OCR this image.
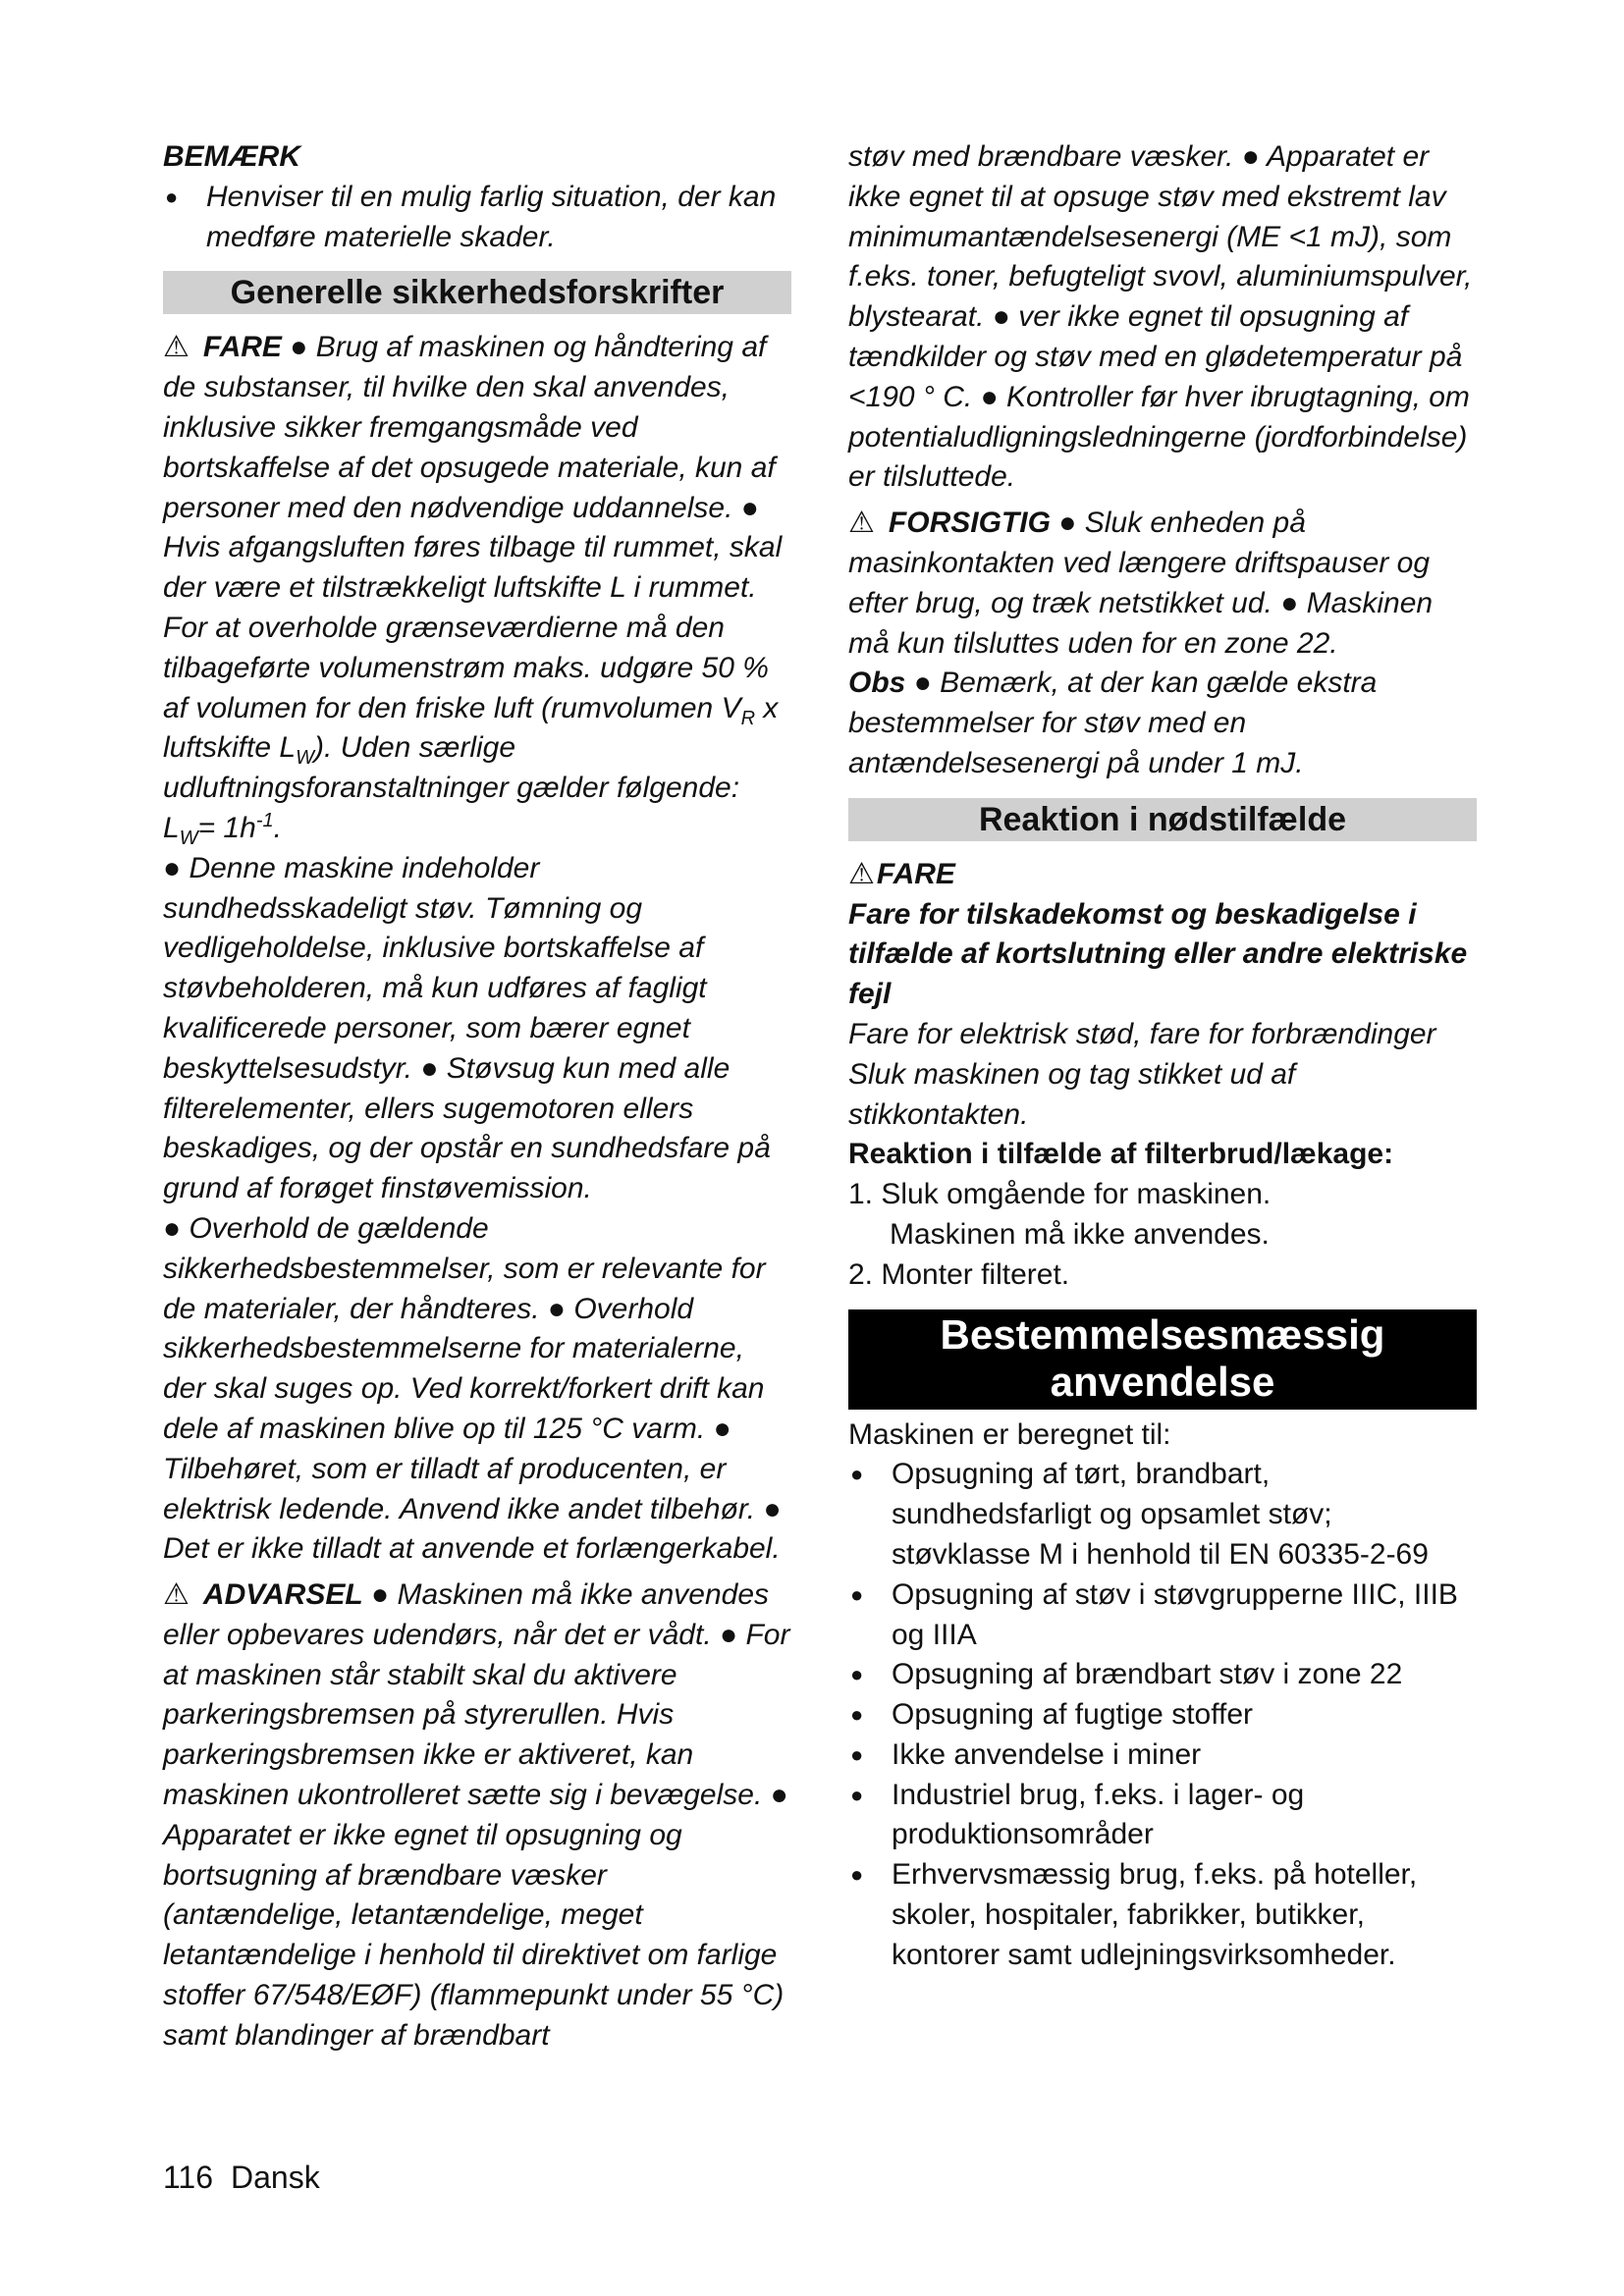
BEMÆRK

● Henviser til en mulig farlig situation, der kan medføre materielle skader.
Generelle sikkerhedsforskrifter

⚠ FARE ● Brug af maskinen og håndtering af de substanser, til hvilke den skal anvendes, inklusive sikker fremgangsmåde ved bortskaffelse af det opsugede materiale, kun af personer med den nødvendige uddannelse. ● Hvis afgangsluften føres tilbage til rummet, skal der være et tilstrækkeligt luftskifte L i rummet. For at overholde grænseværdierne må den tilbageførte volumenstrøm maks. udgøre 50 % af volumen for den friske luft (rumvolumen $V_R$ x luftskifte $L_W$). Uden særlige udluftningsforanstaltninger gælder følgende: $L_W= 1h^{-1}$.

● Denne maskine indeholder sundhedsskadeligt støv. Tømning og vedligeholdelse, inklusive bortskaffelse af støvbeholderen, må kun udføres af fagligt kvalificerede personer, som bærer egnet beskyttelsesudstyr. ● Støvsug kun med alle filterelementer, ellers sugemotoren ellers beskadiges, og der opstår en sundhedsfare på grund af forøget finstøvemission.

● Overhold de gældende sikkerhedsbestemmelser, som er relevante for de materialer, der håndteres. ● Overhold sikkerhedsbestemmelserne for materialerne, der skal suges op. Ved korrekt/forkert drift kan dele af maskinen blive op til 125 °C varm. ● Tilbehøret, som er tilladt af producenten, er elektrisk ledende. Anvend ikke andet tilbehør. ● Det er ikke tilladt at anvende et forlængerkabel.

⚠ ADVARSEL ● Maskinen må ikke anvendes eller opbevares udendørs, når det er vådt. ● For at maskinen står stabilt skal du aktivere parkeringsbremsen på styrerullen. Hvis parkeringsbremsen ikke er aktiveret, kan maskinen ukontrolleret sætte sig i bevægelse. ● Apparatet er ikke egnet til opsugning og bortsugning af brændbare væsker (antændelige, letantændelige, meget letantændelige i henhold til direktivet om farlige stoffer 67/548/EØF) (flammepunkt under 55 °C) samt blandinger af brændbart

støv med brændbare væsker. ● Apparatet er ikke egnet til at opsuge støv med ekstremt lav minimumantændelsesenergi (ME <1 mJ), som f.eks. toner, befugteligt svovl, aluminiumspulver, blystearat. ● ver ikke egnet til opsugning af tændkilder og støv med en glødetemperatur på <190 ° C. ● Kontroller før hver ibrugtagning, om potentialudligningsledningerne (jordforbindelse) er tilsluttede.

⚠ FORSIGTIG ● Sluk enheden på masinkontakten ved længere driftspauser og efter brug, og træk netstikket ud. ● Maskinen må kun tilsluttes uden for en zone 22.

Obs ● Bemærk, at der kan gælde ekstra bestemmelser for støv med en antændelsesenergi på under 1 mJ.

Reaktion i nødstilfælde

⚠FARE

Fare for tilskadekomst og beskadigelse i tilfælde af kortslutning eller andre elektriske fejl

Fare for elektrisk stød, fare for forbrændinger

Sluk maskinen og tag stikket ud af stikkontakten.

Reaktion i tilfælde af filterbrud/lækage:

1. Sluk omgående for maskinen.
Maskinen må ikke anvendes.
2. Monter filteret.
Bestemmelsesmæssig anvendelse

Maskinen er beregnet til:

● Opsugning af tørt, brandbart, sundhedsfarligt og opsamlet støv; støvklasse M i henhold til EN 60335-2-69
● Opsugning af støv i støvgrupperne IIIC, IIIB og IIIA
● Opsugning af brændbart støv i zone 22
● Opsugning af fugtige stoffer
● Ikke anvendelse i miner
● Industriel brug, f.eks. i lager- og produktionsområder
● Erhvervsmæssig brug, f.eks. på hoteller, skoler, hospitaler, fabrikker, butikker, kontorer samt udlejningsvirksomheder.
116 Dansk
